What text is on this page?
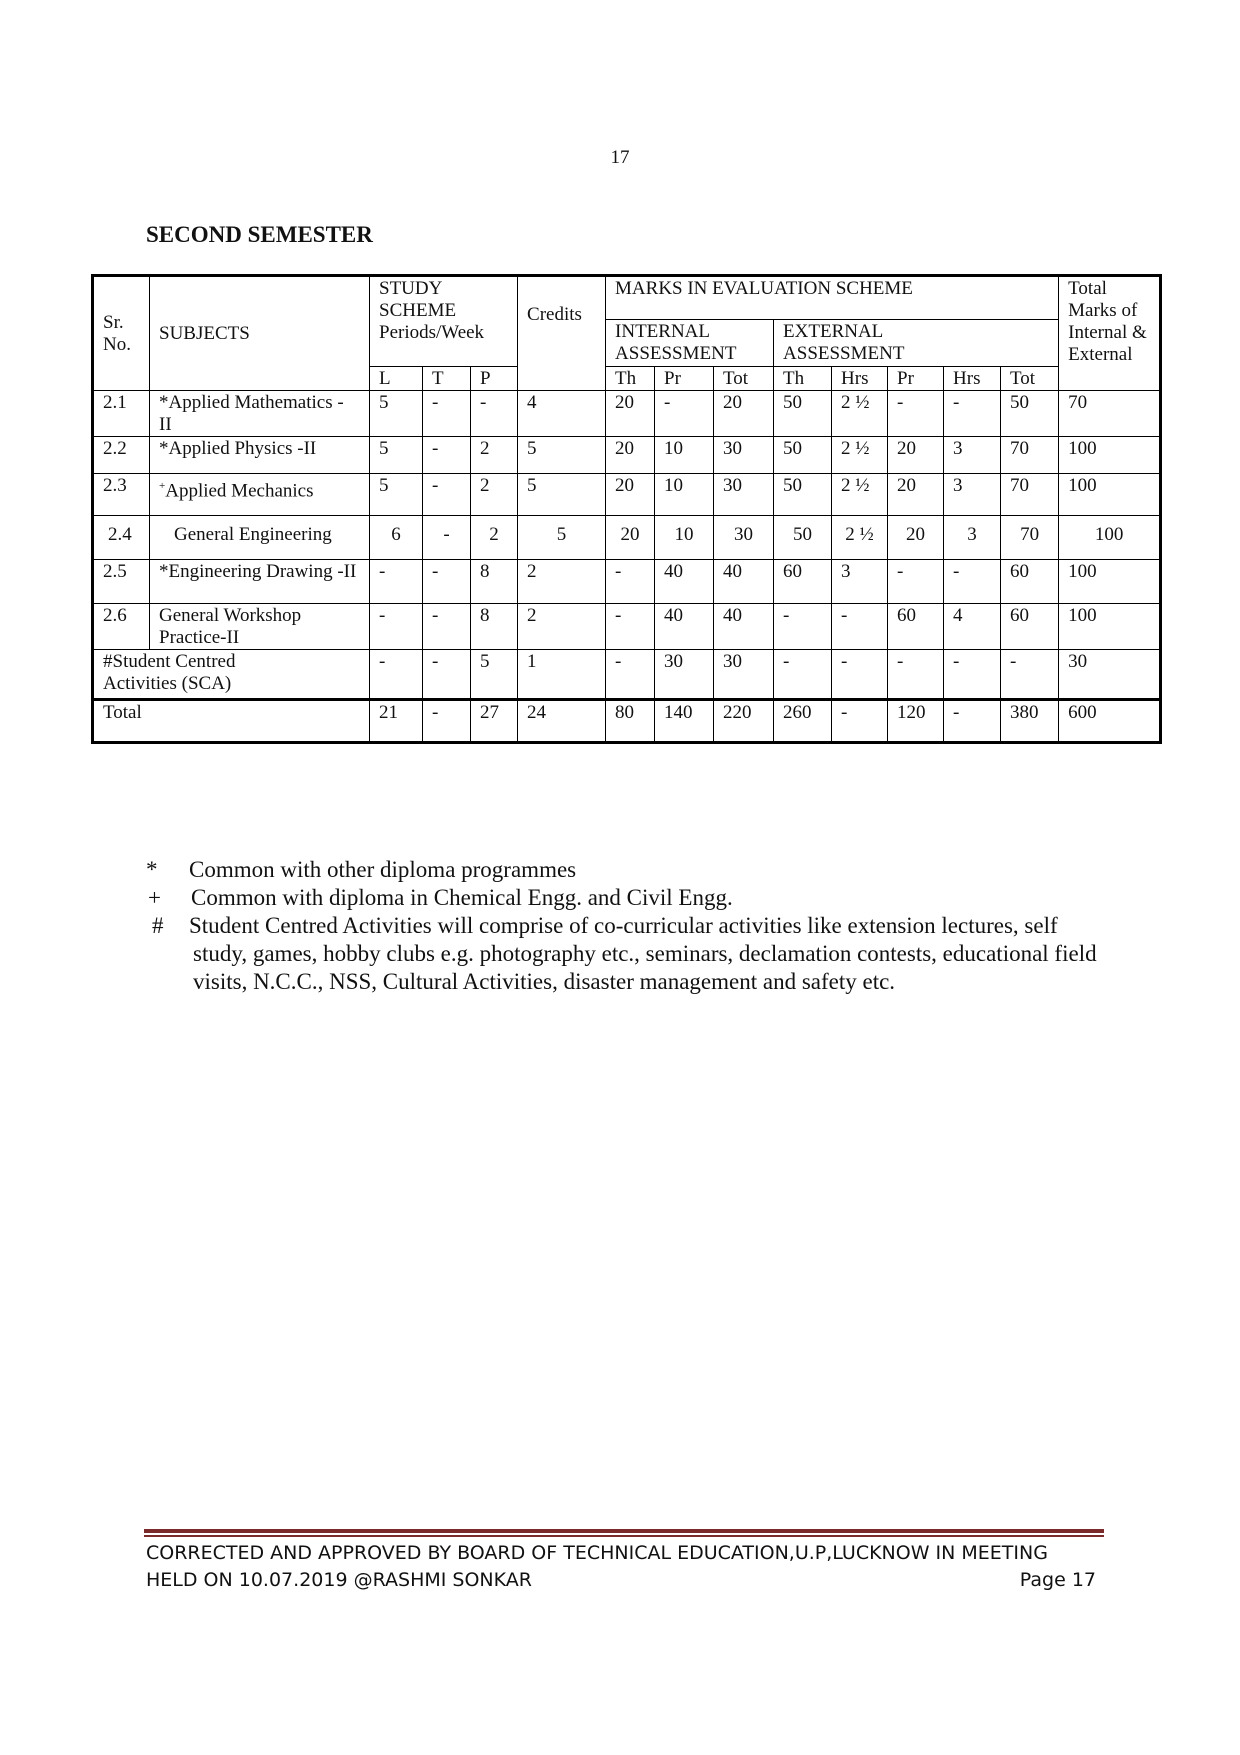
17
SECOND SEMESTER
Sr. No.	SUBJECTS	STUDY SCHEME Periods/Week			Credits	MARKS IN EVALUATION SCHEME								Total Marks of Internal & External
						INTERNAL ASSESSMENT			EXTERNAL ASSESSMENT					
		L	T	P		Th	Pr	Tot	Th	Hrs	Pr	Hrs	Tot	
2.1	*Applied Mathematics - II	5	-	-	4	20	-	20	50	2 ½	-	-	50	70
2.2	*Applied Physics -II	5	-	2	5	20	10	30	50	2 ½	20	3	70	100
2.3	+Applied Mechanics	5	-	2	5	20	10	30	50	2 ½	20	3	70	100
2.4	General Engineering	6	-	2	5	20	10	30	50	2 ½	20	3	70	100
2.5	*Engineering Drawing -II	-	-	8	2	-	40	40	60	3	-	-	60	100
2.6	General Workshop Practice-II	-	-	8	2	-	40	40	-	-	60	4	60	100
#Student Centred Activities (SCA)		-	-	5	1	-	30	30	-	-	-	-	-	30
Total		21	-	27	24	80	140	220	260	-	120	-	380	600
* Common with other diploma programmes
+ Common with diploma in Chemical Engg. and Civil Engg.
# Student Centred Activities will comprise of co-curricular activities like extension lectures, self study, games, hobby clubs e.g. photography etc., seminars, declamation contests, educational field visits, N.C.C., NSS, Cultural Activities, disaster management and safety etc.
CORRECTED AND APPROVED BY BOARD OF TECHNICAL EDUCATION,U.P,LUCKNOW IN MEETING
HELD ON 10.07.2019 @RASHMI SONKAR	Page 17
